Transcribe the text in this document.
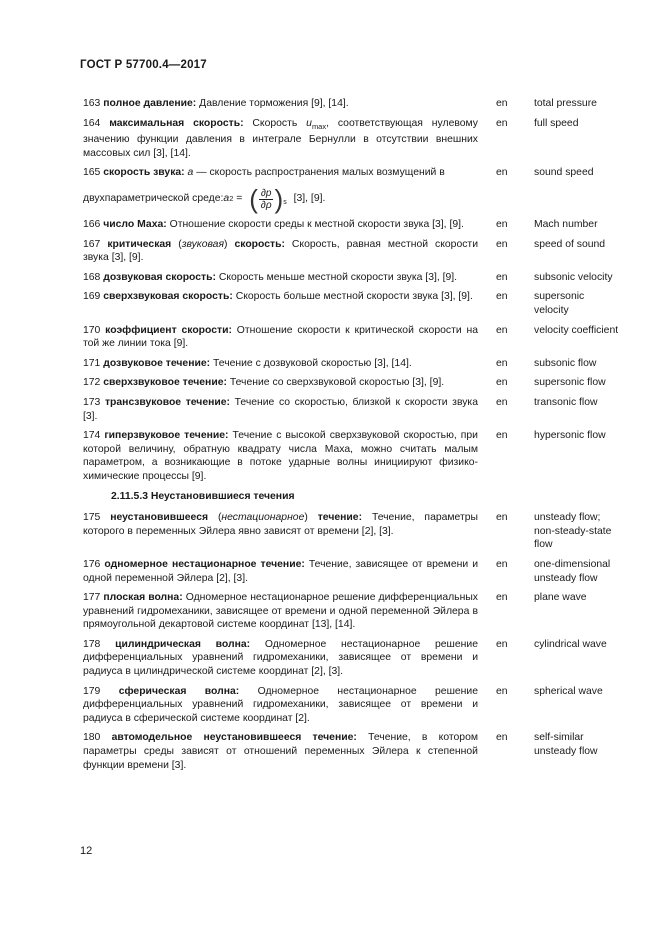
ГОСТ Р 57700.4—2017
163 полное давление: Давление торможения [9], [14].	en	total pressure
164 максимальная скорость: Скорость $u_{max}$, соответствующая нулевому значению функции давления в интеграле Бернулли в отсутствии внешних массовых сил [3], [14].
en	full speed
165 скорость звука: a — скорость распространения малых возмущений в
двухпараметрической среде: a 2 = ( $\frac{\partial p}{\partial\rho}$ ) s [3], [9].
en	sound speed
166 число Маха: Отношение скорости среды к местной скорости звука [3], [9].	en	Mach number
167 критическая (звуковая) скорость: Скорость, равная местной скорости звука [3], [9].
en	speed of sound
168 дозвуковая скорость: Скорость меньше местной скорости звука [3], [9].	en	subsonic velocity
169 сверхзвуковая скорость: Скорость больше местной скорости звука [3], [9].	en	supersonic velocity
170 коэффициент скорости: Отношение скорости к критической скорости на той же линии тока [9].
en	velocity coefficient
171 дозвуковое течение: Течение с дозвуковой скоростью [3], [14].	en	subsonic flow
172 сверхзвуковое течение: Течение со сверхзвуковой скоростью [3], [9].	en	supersonic flow
173 трансзвуковое течение: Течение со скоростью, близкой к скорости звука [3].
en	transonic flow
174 гиперзвуковое течение: Течение с высокой сверхзвуковой скоростью, при которой величину, обратную квадрату числа Маха, можно считать малым параметром, а возникающие в потоке ударные волны инициируют физико-химические процессы [9].
en	hypersonic flow
2.11.5.3 Неустановившиеся течения
175 неустановившееся (нестационарное) течение: Течение, параметры которого в переменных Эйлера явно зависят от времени [2], [3].
en	unsteady flow; non-steady-state flow
176 одномерное нестационарное течение: Течение, зависящее от времени и одной переменной Эйлера [2], [3].
en	one-dimensional unsteady flow
177 плоская волна: Одномерное нестационарное решение дифференциальных уравнений гидромеханики, зависящее от времени и одной переменной Эйлера в прямоугольной декартовой системе координат [13], [14].
en	plane wave
178 цилиндрическая волна: Одномерное нестационарное решение дифференциальных уравнений гидромеханики, зависящее от времени и радиуса в цилиндрической системе координат [2], [3].
en	cylindrical wave
179 сферическая волна: Одномерное нестационарное решение дифференциальных уравнений гидромеханики, зависящее от времени и радиуса в сферической системе координат [2].
en	spherical wave
180 автомодельное неустановившееся течение: Течение, в котором параметры среды зависят от отношений переменных Эйлера к степенной функции времени [3].
en	self-similar unsteady flow
12
